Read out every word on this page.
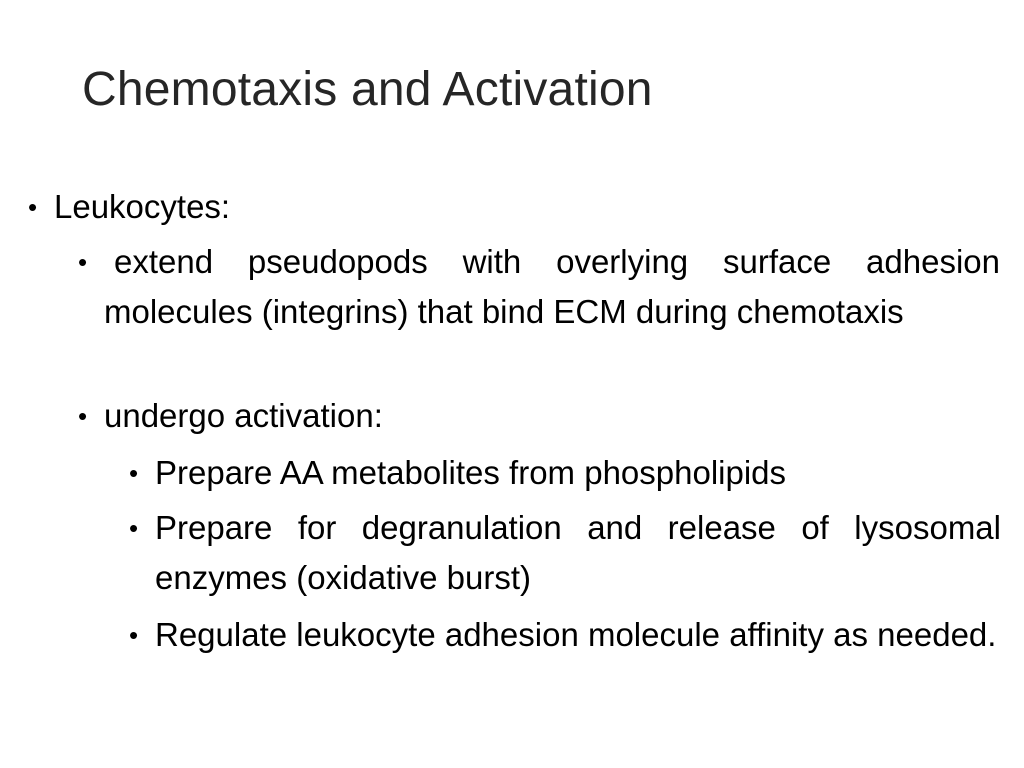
Chemotaxis and Activation
• Leukocytes:
• extend pseudopods with overlying surface adhesion molecules (integrins) that bind ECM during chemotaxis
• undergo activation:
• Prepare AA metabolites from phospholipids
• Prepare for degranulation and release of lysosomal enzymes (oxidative burst)
• Regulate leukocyte adhesion molecule affinity as needed.
